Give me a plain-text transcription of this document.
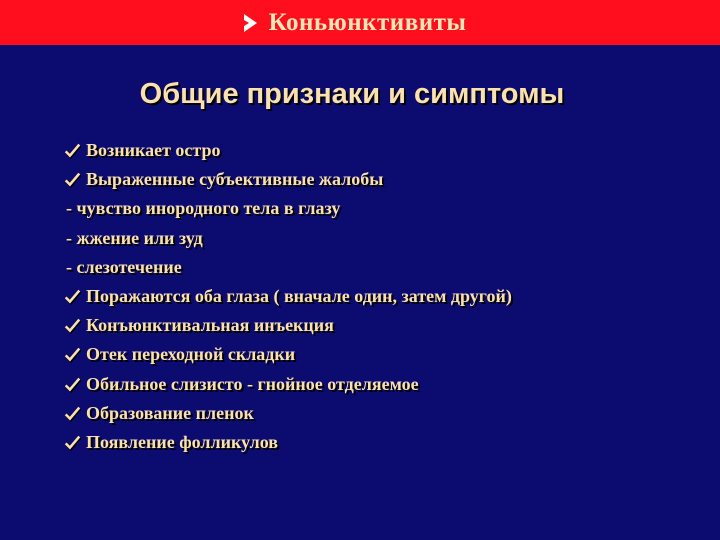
Коньюнктивиты
Общие признаки и симптомы
Возникает остро
Выраженные субъективные жалобы
- чувство инородного тела в глазу
- жжение или зуд
- слезотечение
Поражаются оба глаза ( вначале один, затем другой)
Конъюнктивальная инъекция
Отек переходной складки
Обильное слизисто - гнойное отделяемое
Образование пленок
Появление фолликулов
